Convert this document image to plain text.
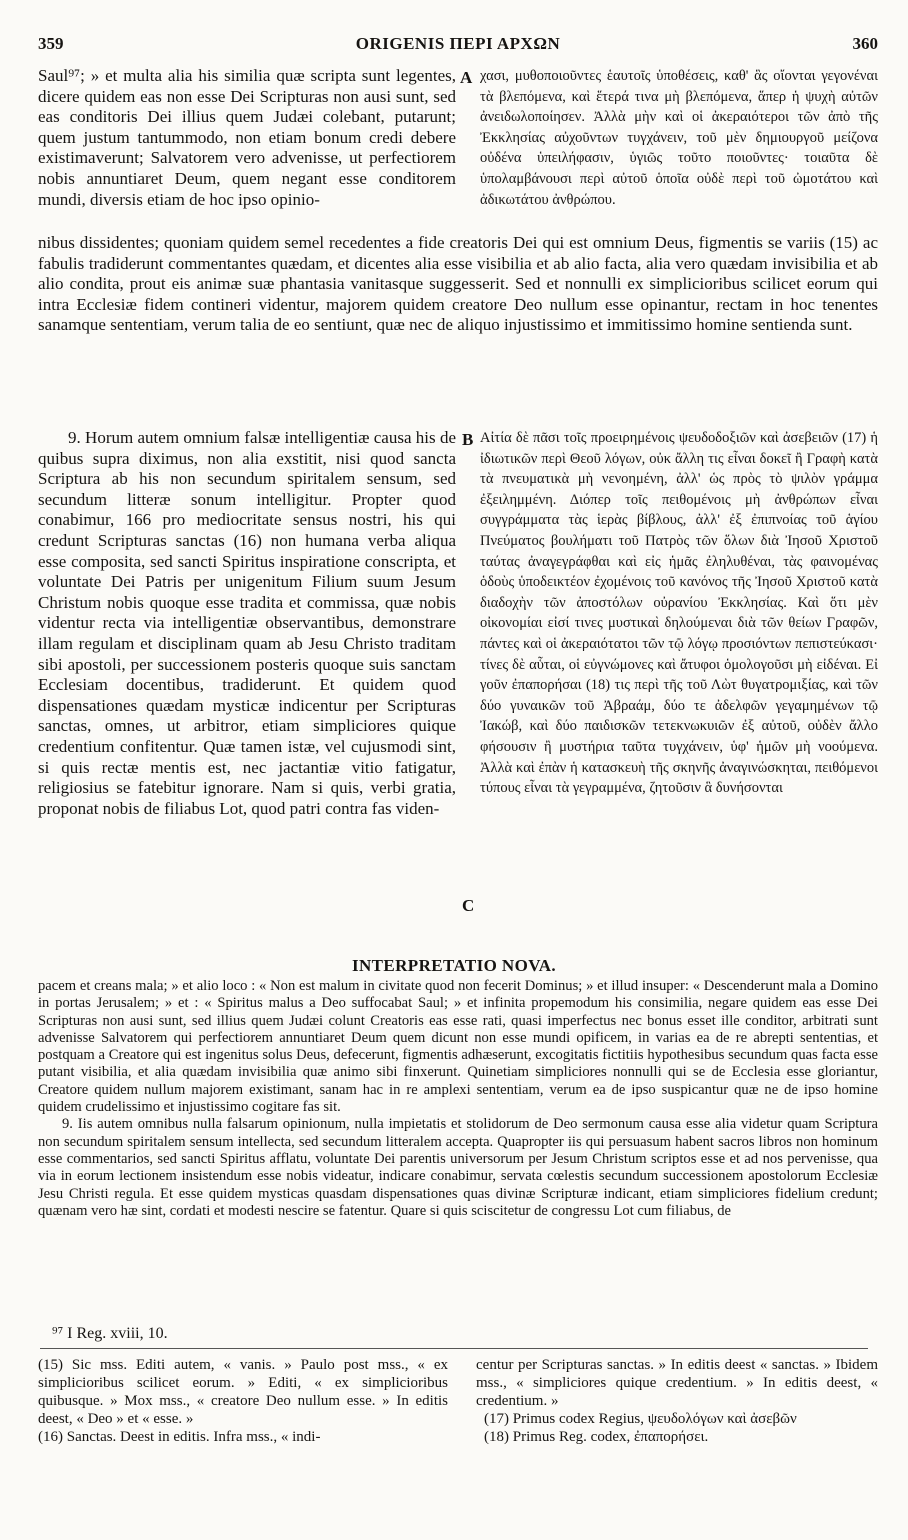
359	ORIGENIS ΠΕΡΙ ΑΡΧΩΝ	360

Saul⁹⁷; » et multa alia his similia quæ scripta sunt legentes, dicere quidem eas non esse Dei Scripturas non ausi sunt, sed eas conditoris Dei illius quem Judæi colebant, putarunt; quem justum tantummodo, non etiam bonum credi debere existimaverunt; Salvatorem vero advenisse, ut perfectiorem nobis annuntiaret Deum, quem negant esse conditorem mundi, diversis etiam de hoc ipso opinio-

A χασι, μυθοποιοῦντες ἑαυτοῖς ὑποθέσεις, καθ' ἃς οἴονται γεγονέναι τὰ βλεπόμενα, καὶ ἕτερά τινα μὴ βλεπόμενα, ἅπερ ἡ ψυχὴ αὐτῶν ἀνειδωλοποίησεν. Ἀλλὰ μὴν καὶ οἱ ἀκεραιότεροι τῶν ἀπὸ τῆς Ἐκκλησίας αὐχοῦντων τυγχάνειν, τοῦ μὲν δημιουργοῦ μείζονα οὐδένα ὑπειλήφασιν, ὑγιῶς τοῦτο ποιοῦντες· τοιαῦτα δὲ ὑπολαμβάνουσι περὶ αὐτοῦ ὁποῖα οὐδὲ περὶ τοῦ ὠμοτάτου καὶ ἀδικωτάτου ἀνθρώπου.

nibus dissidentes; quoniam quidem semel recedentes a fide creatoris Dei qui est omnium Deus, figmentis se variis (15) ac fabulis tradiderunt commentantes quædam, et dicentes alia esse visibilia et ab alio facta, alia vero quædam invisibilia et ab alio condita, prout eis animæ suæ phantasia vanitasque suggesserit. Sed et nonnulli ex simplicioribus scilicet eorum qui intra Ecclesiæ fidem contineri videntur, majorem quidem creatore Deo nullum esse opinantur, rectam in hoc tenentes sanamque sententiam, verum talia de eo sentiunt, quæ nec de aliquo injustissimo et immitissimo homine sentienda sunt.

9. Horum autem omnium falsæ intelligentiæ causa his de quibus supra diximus, non alia exstitit, nisi quod sancta Scriptura ab his non secundum spiritalem sensum, sed secundum litteræ sonum intelligitur. Propter quod conabimur, 166 pro mediocritate sensus nostri, his qui credunt Scripturas sanctas (16) non humana verba aliqua esse composita, sed sancti Spiritus inspiratione conscripta, et voluntate Dei Patris per unigenitum Filium suum Jesum Christum nobis quoque esse tradita et commissa, quæ nobis videntur recta via intelligentiæ observantibus, demonstrare illam regulam et disciplinam quam ab Jesu Christo traditam sibi apostoli, per successionem posteris quoque suis sanctam Ecclesiam docentibus, tradiderunt. Et quidem quod dispensationes quædam mysticæ indicentur per Scripturas sanctas, omnes, ut arbitror, etiam simpliciores quique credentium confitentur. Quæ tamen istæ, vel cujusmodi sint, si quis rectæ mentis est, nec jactantiæ vitio fatigatur, religiosius se fatebitur ignorare. Nam si quis, verbi gratia, proponat nobis de filiabus Lot, quod patri contra fas viden-

B
C

Αἰτία δὲ πᾶσι τοῖς προειρημένοις ψευδοδοξιῶν καὶ ἀσεβειῶν (17) ἡ ἰδιωτικῶν περὶ Θεοῦ λόγων, οὐκ ἄλλη τις εἶναι δοκεῖ ἢ Γραφὴ κατὰ τὰ πνευματικὰ μὴ νενοημένη, ἀλλ' ὡς πρὸς τὸ ψιλὸν γράμμα ἐξειλημμένη. Διόπερ τοῖς πειθομένοις μὴ ἀνθρώπων εἶναι συγγράμματα τὰς ἱερὰς βίβλους, ἀλλ' ἐξ ἐπιπνοίας τοῦ ἁγίου Πνεύματος βουλήματι τοῦ Πατρὸς τῶν ὅλων διὰ Ἰησοῦ Χριστοῦ ταύτας ἀναγεγράφθαι καὶ εἰς ἡμᾶς ἐληλυθέναι, τὰς φαινομένας ὁδοὺς ὑποδεικτέον ἐχομένοις τοῦ κανόνος τῆς Ἰησοῦ Χριστοῦ κατὰ διαδοχὴν τῶν ἀποστόλων οὐρανίου Ἐκκλησίας. Καὶ ὅτι μὲν οἰκονομίαι εἰσί τινες μυστικαὶ δηλούμεναι διὰ τῶν θείων Γραφῶν, πάντες καὶ οἱ ἀκεραιότατοι τῶν τῷ λόγῳ προσιόντων πεπιστεύκασι· τίνες δὲ αὗται, οἱ εὐγνώμονες καὶ ἄτυφοι ὁμολογοῦσι μὴ εἰδέναι. Εἰ γοῦν ἐπαπορήσαι (18) τις περὶ τῆς τοῦ Λὼτ θυγατρομιξίας, καὶ τῶν δύο γυναικῶν τοῦ Ἀβραάμ, δύο τε ἀδελφῶν γεγαμημένων τῷ Ἰακώβ, καὶ δύο παιδισκῶν τετεκνωκυιῶν ἐξ αὐτοῦ, οὐδὲν ἄλλο φήσουσιν ἢ μυστήρια ταῦτα τυγχάνειν, ὑφ' ἡμῶν μὴ νοούμενα. Ἀλλὰ καὶ ἐπὰν ἡ κατασκευὴ τῆς σκηνῆς ἀναγινώσκηται, πειθόμενοι τύπους εἶναι τὰ γεγραμμένα, ζητοῦσιν ἃ δυνήσονται

INTERPRETATIO NOVA.

pacem et creans mala; » et alio loco : « Non est malum in civitate quod non fecerit Dominus; » et illud insuper: « Descenderunt mala a Domino in portas Jerusalem; » et : « Spiritus malus a Deo suffocabat Saul; » et infinita propemodum his consimilia, negare quidem eas esse Dei Scripturas non ausi sunt, sed illius quem Judæi colunt Creatoris eas esse rati, quasi imperfectus nec bonus esset ille conditor, arbitrati sunt advenisse Salvatorem qui perfectiorem annuntiaret Deum quem dicunt non esse mundi opificem, in varias ea de re abrepti sententias, et postquam a Creatore qui est ingenitus solus Deus, defecerunt, figmentis adhæserunt, excogitatis fictitiis hypothesibus secundum quas facta esse putant visibilia, et alia quædam invisibilia quæ animo sibi finxerunt. Quinetiam simpliciores nonnulli qui se de Ecclesia esse gloriantur, Creatore quidem nullum majorem existimant, sanam hac in re amplexi sententiam, verum ea de ipso suspicantur quæ ne de ipso homine quidem crudelissimo et injustissimo cogitare fas sit.

9. Iis autem omnibus nulla falsarum opinionum, nulla impietatis et stolidorum de Deo sermonum causa esse alia videtur quam Scriptura non secundum spiritalem sensum intellecta, sed secundum litteralem accepta. Quapropter iis qui persuasum habent sacros libros non hominum esse commentarios, sed sancti Spiritus afflatu, voluntate Dei parentis universorum per Jesum Christum scriptos esse et ad nos pervenisse, qua via in eorum lectionem insistendum esse nobis videatur, indicare conabimur, servata cœlestis secundum successionem apostolorum Ecclesiæ Jesu Christi regula. Et esse quidem mysticas quasdam dispensationes quas divinæ Scripturæ indicant, etiam simpliciores fidelium credunt; quænam vero hæ sint, cordati et modesti nescire se fatentur. Quare si quis sciscitetur de congressu Lot cum filiabus, de

⁹⁷ I Reg. xviii, 10.

(15) Sic mss. Editi autem, « vanis. » Paulo post mss., « ex simplicioribus scilicet eorum. » Editi, « ex simplicioribus quibusque. » Mox mss., « creatore Deo nullum esse. » In editis deest, « Deo » et « esse. »

(16) Sanctas. Deest in editis. Infra mss., « indi-

centur per Scripturas sanctas. » In editis deest « sanctas. » Ibidem mss., « simpliciores quique credentium. » In editis deest, « credentium. »

(17) Primus codex Regius, ψευδολόγων καὶ ἀσεβῶν

(18) Primus Reg. codex, ἐπαπορήσει.
